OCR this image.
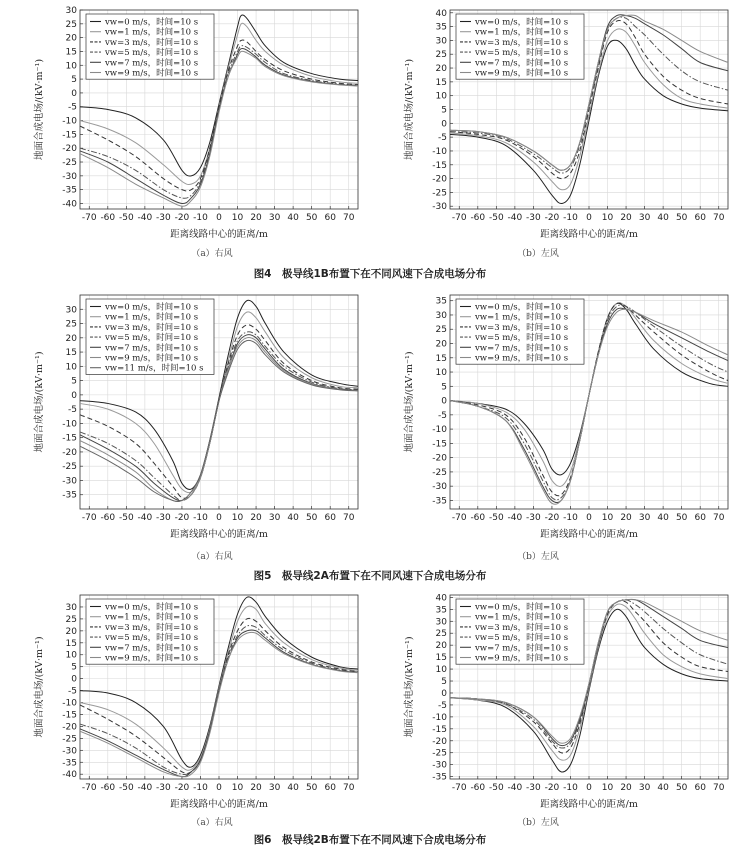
-70 -60 -50 -40 -30 -20 -10 0 10 20 30 40 50 60 70
-40
-35
-30
-25
-20
-15
-10
-5
0
5
10
15
20
25
30
距离线路中心的距离/m
地面合成电场/(kV·m⁻¹)
vw=0 m/s，时间=10 s
vw=1 m/s，时间=10 s
vw=3 m/s，时间=10 s
vw=5 m/s，时间=10 s
vw=7 m/s，时间=10 s
vw=9 m/s，时间=10 s
-70 -60 -50 -40 -30 -20 -10 0 10 20 30 40 50 60 70
-30
-25
-20
-15
-10
-5
0
5
10
15
20
25
30
35
40
距离线路中心的距离/m
地面合成电场/(kV·m⁻¹)
vw=0 m/s，时间=10 s
vw=1 m/s，时间=10 s
vw=3 m/s，时间=10 s
vw=5 m/s，时间=10 s
vw=7 m/s，时间=10 s
vw=9 m/s，时间=10 s
（a）右风	（b）左风
图4　极导线1B布置下在不同风速下合成电场分布
-70 -60 -50 -40 -30 -20 -10 0 10 20 30 40 50 60 70
-35
-30
-25
-20
-15
-10
-5
0
5
10
15
20
25
30
距离线路中心的距离/m
地面合成电场/(kV·m⁻¹)
vw=0 m/s，时间=10 s
vw=1 m/s，时间=10 s
vw=3 m/s，时间=10 s
vw=5 m/s，时间=10 s
vw=7 m/s，时间=10 s
vw=9 m/s，时间=10 s
vw=11 m/s，时间=10 s
-70 -60 -50 -40 -30 -20 -10 0 10 20 30 40 50 60 70
-35
-30
-25
-20
-15
-10
-5
0
5
10
15
20
25
30
35
距离线路中心的距离/m
地面合成电场/(kV·m⁻¹)
vw=0 m/s，时间=10 s
vw=1 m/s，时间=10 s
vw=3 m/s，时间=10 s
vw=5 m/s，时间=10 s
vw=7 m/s，时间=10 s
vw=9 m/s，时间=10 s
（a）右风	（b）左风
图5　极导线2A布置下在不同风速下合成电场分布
-70 -60 -50 -40 -30 -20 -10 0 10 20 30 40 50 60 70
-40
-35
-30
-25
-20
-15
-10
-5
0
5
10
15
20
25
30
距离线路中心的距离/m
地面合成电场/(kV·m⁻¹)
vw=0 m/s，时间=10 s
vw=1 m/s，时间=10 s
vw=3 m/s，时间=10 s
vw=5 m/s，时间=10 s
vw=7 m/s，时间=10 s
vw=9 m/s，时间=10 s
-70 -60 -50 -40 -30 -20 -10 0 10 20 30 40 50 60 70
-35
-30
-25
-20
-15
-10
-5
0
5
10
15
20
25
30
35
40
距离线路中心的距离/m
地面合成电场/(kV·m⁻¹)
vw=0 m/s，时间=10 s
vw=1 m/s，时间=10 s
vw=3 m/s，时间=10 s
vw=5 m/s，时间=10 s
vw=7 m/s，时间=10 s
vw=9 m/s，时间=10 s
（a）右风	（b）左风
图6　极导线2B布置下在不同风速下合成电场分布
